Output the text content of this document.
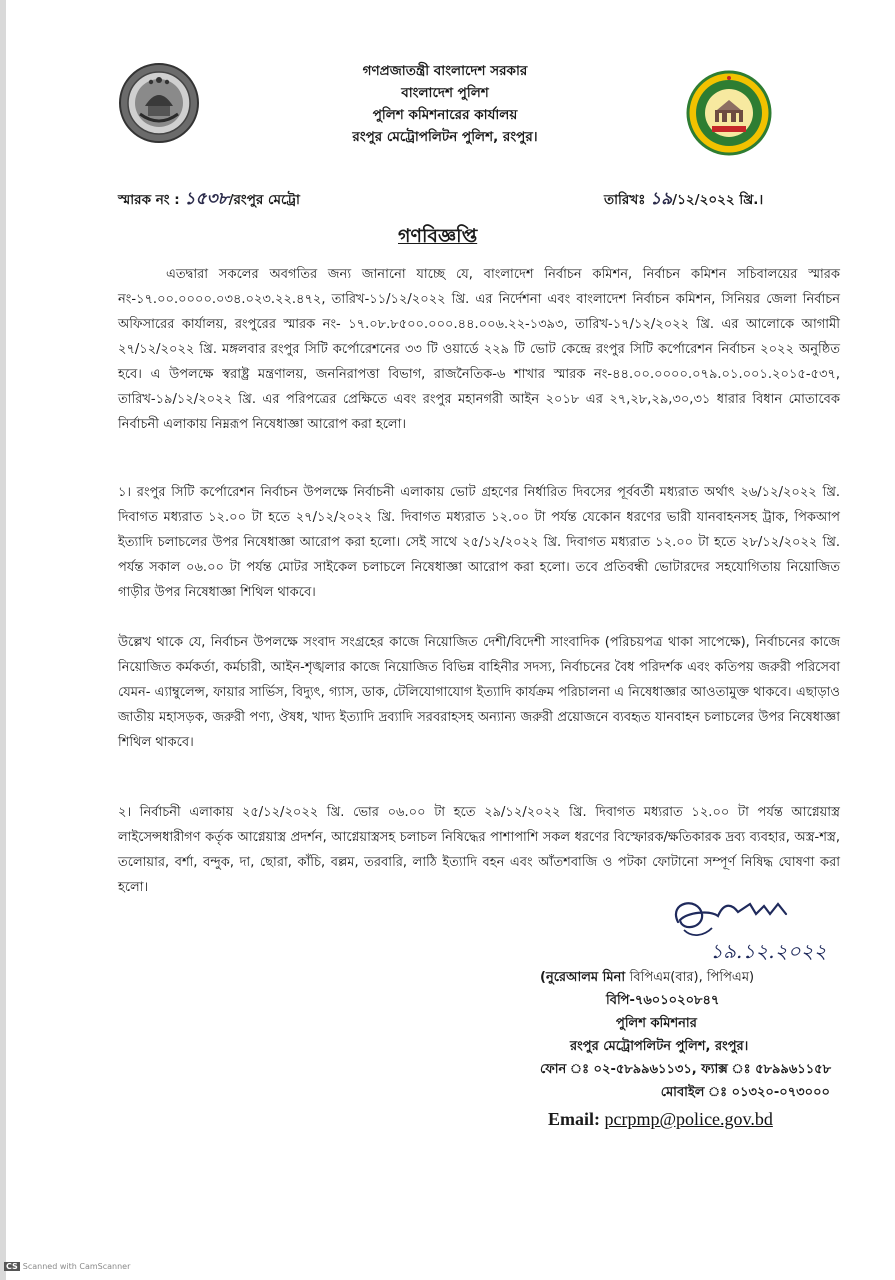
গণপ্রজাতন্ত্রী বাংলাদেশ সরকার
বাংলাদেশ পুলিশ
পুলিশ কমিশনারের কার্যালয়
রংপুর মেট্রোপলিটন পুলিশ, রংপুর।
স্মারক নং : ১৫৩৮/রংপুর মেট্রো	তারিখঃ ১৯/১২/২০২২ খ্রি.।
গণবিজ্ঞপ্তি
এতদ্বারা সকলের অবগতির জন্য জানানো যাচ্ছে যে, বাংলাদেশ নির্বাচন কমিশন, নির্বাচন কমিশন সচিবালয়ের স্মারক নং-১৭.০০.০০০০.০৩৪.০২৩.২২.৪৭২, তারিখ-১১/১২/২০২২ খ্রি. এর নির্দেশনা এবং বাংলাদেশ নির্বাচন কমিশন, সিনিয়র জেলা নির্বাচন অফিসারের কার্যালয়, রংপুরের স্মারক নং- ১৭.০৮.৮৫০০.০০০.৪৪.০০৬.২২-১৩৯৩, তারিখ-১৭/১২/২০২২ খ্রি. এর আলোকে আগামী ২৭/১২/২০২২ খ্রি. মঙ্গলবার রংপুর সিটি কর্পোরেশনের ৩৩ টি ওয়ার্ডে ২২৯ টি ভোট কেন্দ্রে রংপুর সিটি কর্পোরেশন নির্বাচন ২০২২ অনুষ্ঠিত হবে। এ উপলক্ষে স্বরাষ্ট্র মন্ত্রণালয়, জননিরাপত্তা বিভাগ, রাজনৈতিক-৬ শাখার স্মারক নং-৪৪.০০.০০০০.০৭৯.০১.০০১.২০১৫-৫৩৭, তারিখ-১৯/১২/২০২২ খ্রি. এর পরিপত্রের প্রেক্ষিতে এবং রংপুর মহানগরী আইন ২০১৮ এর ২৭,২৮,২৯,৩০,৩১ ধারার বিধান মোতাবেক নির্বাচনী এলাকায় নিম্নরূপ নিষেধাজ্ঞা আরোপ করা হলো।
১। রংপুর সিটি কর্পোরেশন নির্বাচন উপলক্ষে নির্বাচনী এলাকায় ভোট গ্রহণের নির্ধারিত দিবসের পূর্ববর্তী মধ্যরাত অর্থাৎ ২৬/১২/২০২২ খ্রি. দিবাগত মধ্যরাত ১২.০০ টা হতে ২৭/১২/২০২২ খ্রি. দিবাগত মধ্যরাত ১২.০০ টা পর্যন্ত যেকোন ধরণের ভারী যানবাহনসহ ট্রাক, পিকআপ ইত্যাদি চলাচলের উপর নিষেধাজ্ঞা আরোপ করা হলো। সেই সাথে ২৫/১২/২০২২ খ্রি. দিবাগত মধ্যরাত ১২.০০ টা হতে ২৮/১২/২০২২ খ্রি. পর্যন্ত সকাল ০৬.০০ টা পর্যন্ত মোটর সাইকেল চলাচলে নিষেধাজ্ঞা আরোপ করা হলো। তবে প্রতিবন্ধী ভোটারদের সহযোগিতায় নিয়োজিত গাড়ীর উপর নিষেধাজ্ঞা শিথিল থাকবে।
উল্লেখ থাকে যে, নির্বাচন উপলক্ষে সংবাদ সংগ্রহের কাজে নিয়োজিত দেশী/বিদেশী সাংবাদিক (পরিচয়পত্র থাকা সাপেক্ষে), নির্বাচনের কাজে নিয়োজিত কর্মকর্তা, কর্মচারী, আইন-শৃঙ্খলার কাজে নিয়োজিত বিভিন্ন বাহিনীর সদস্য, নির্বাচনের বৈধ পরিদর্শক এবং কতিপয় জরুরী পরিসেবা যেমন- এ্যাম্বুলেন্স, ফায়ার সার্ভিস, বিদ্যুৎ, গ্যাস, ডাক, টেলিযোগাযোগ ইত্যাদি কার্যক্রম পরিচালনা এ নিষেধাজ্ঞার আওতামুক্ত থাকবে। এছাড়াও জাতীয় মহাসড়ক, জরুরী পণ্য, ঔষধ, খাদ্য ইত্যাদি দ্রব্যাদি সরবরাহসহ অন্যান্য জরুরী প্রয়োজনে ব্যবহৃত যানবাহন চলাচলের উপর নিষেধাজ্ঞা শিথিল থাকবে।
২। নির্বাচনী এলাকায় ২৫/১২/২০২২ খ্রি. ভোর ০৬.০০ টা হতে ২৯/১২/২০২২ খ্রি. দিবাগত মধ্যরাত ১২.০০ টা পর্যন্ত আগ্নেয়াস্ত্র লাইসেন্সধারীগণ কর্তৃক আগ্নেয়াস্ত্র প্রদর্শন, আগ্নেয়াস্ত্রসহ চলাচল নিষিদ্ধের পাশাপাশি সকল ধরণের বিস্ফোরক/ক্ষতিকারক দ্রব্য ব্যবহার, অস্ত্র-শস্ত্র, তলোয়ার, বর্শা, বন্দুক, দা, ছোরা, কাঁচি, বল্লম, তরবারি, লাঠি ইত্যাদি বহন এবং আঁতশবাজি ও পটকা ফোটানো সম্পূর্ণ নিষিদ্ধ ঘোষণা করা হলো।
১৯.১২.২০২২
(নুরেআলম মিনা বিপিএম(বার), পিপিএম)
বিপি-৭৬০১০২০৮৪৭
পুলিশ কমিশনার
রংপুর মেট্রোপলিটন পুলিশ, রংপুর।
ফোন ঃ ০২-৫৮৯৯৬১১৩১, ফ্যাক্স ঃ ৫৮৯৯৬১১৫৮
মোবাইল ঃ ০১৩২০-০৭৩০০০
Email: pcrpmp@police.gov.bd
CS Scanned with CamScanner
